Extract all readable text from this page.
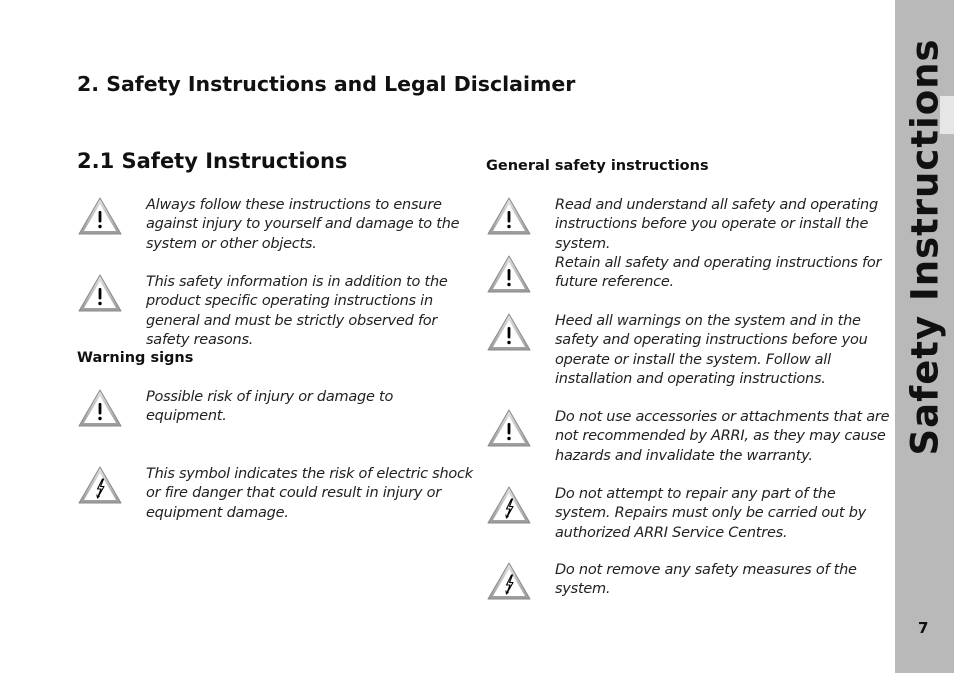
2. Safety Instructions and Legal Disclaimer
2.1 Safety Instructions
Always follow these instructions to ensure against injury to yourself and damage to the system or other objects.
This safety information is in addition to the product specific operating instructions in general and must be strictly observed for safety reasons.
Warning signs
Possible risk of injury or damage to equipment.
This symbol indicates the risk of electric shock or fire danger that could result in injury or equipment damage.
General safety instructions
Read and understand all safety and operating instructions before you operate or install the system.
Retain all safety and operating instructions for future reference.
Heed all warnings on the system and in the safety and operating instructions before you operate or install the system. Follow all installation and operating instructions.
Do not use accessories or attachments that are not recommended by ARRI, as they may cause hazards and invalidate the warranty.
Do not attempt to repair any part of the system. Repairs must only be carried out by authorized ARRI Service Centres.
Do not remove any safety measures of the system.
Safety Instructions
7
